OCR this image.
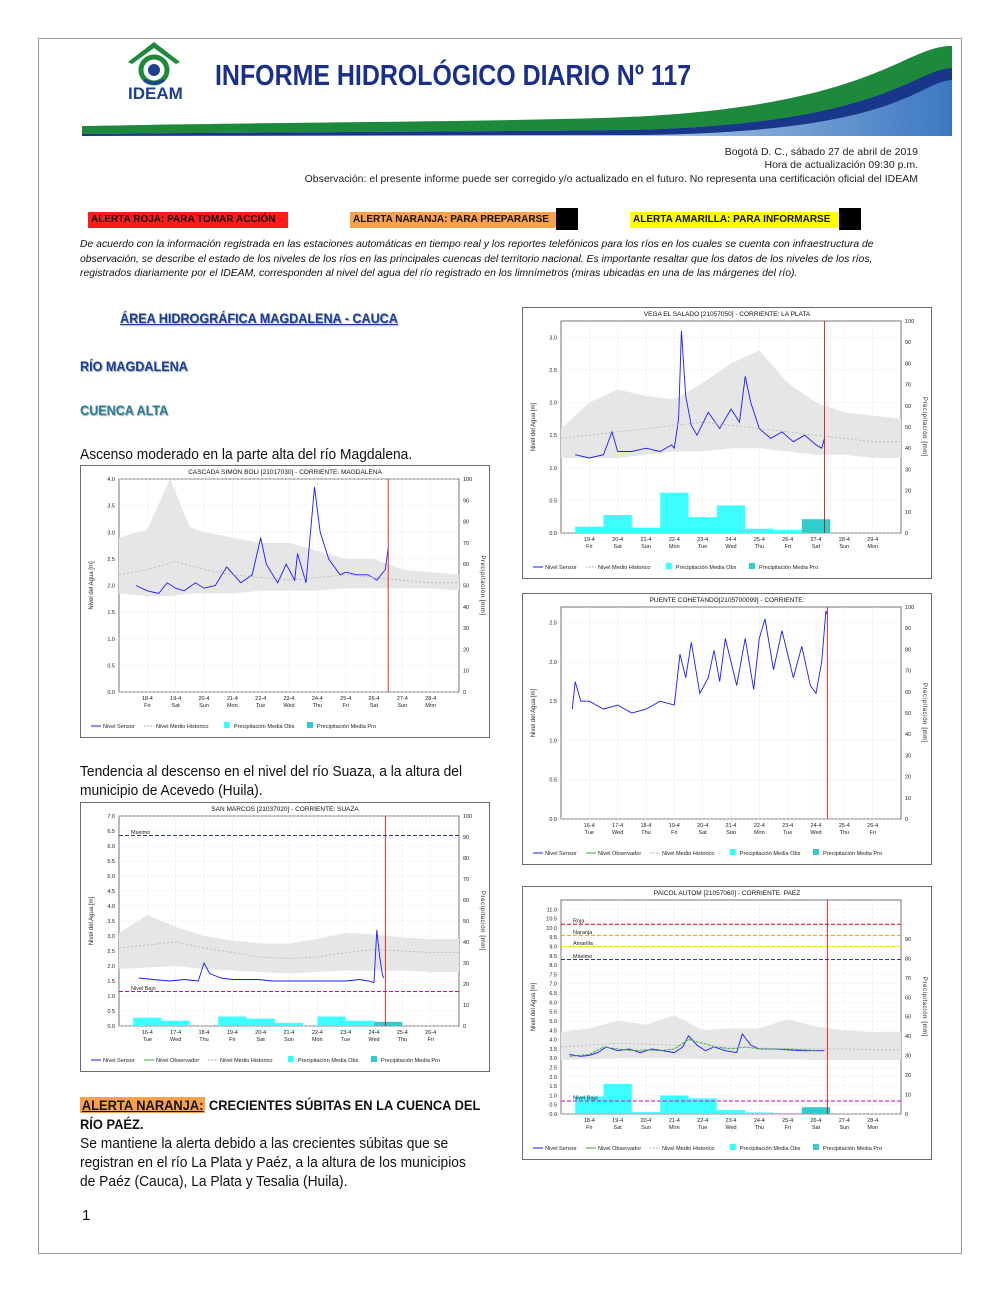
IDEAM
INFORME HIDROLÓGICO DIARIO Nº 117
Bogotá D. C., sábado 27 de abril de 2019
Hora de actualización 09:30 p.m.
Observación: el presente informe puede ser corregido y/o actualizado en el futuro. No representa una certificación oficial del IDEAM
ALERTA ROJA: PARA TOMAR ACCIÓN	ALERTA NARANJA: PARA PREPARARSE	ALERTA AMARILLA: PARA INFORMARSE
De acuerdo con la información registrada en las estaciones automáticas en tiempo real y los reportes telefónicos para los ríos en los cuales se cuenta con infraestructura de observación, se describe el estado de los niveles de los ríos en las principales cuencas del territorio nacional. Es importante resaltar que los datos de los niveles de los ríos, registrados diariamente por el IDEAM, corresponden al nivel del agua del río registrado en los limnímetros (miras ubicadas en una de las márgenes del río).
ÁREA HIDROGRÁFICA MAGDALENA - CAUCA
RÍO MAGDALENA
CUENCA ALTA
Ascenso moderado en la parte alta del río Magdalena.
CASCADA SIMON BOLI [21017030] - CORRIENTE: MAGDALENA
0.0
0.5
1.0
1.5
2.0
2.5
3.0
3.5
4.0
0
10
20
30
40
50
60
70
80
90
100
18-4
Fri
19-4
Sat
20-4
Sun
21-4
Mon
22-4
Tue
23-4
Wed
24-4
Thu
25-4
Fri
26-4
Sat
27-4
Sun
28-4
Mon
Nivel del Agua [m]	Precipitación [mm]
Nivel Sensor	Nivel Medio Historico	Precipitación Media Obs	Precipitación Media Pro
Tendencia al descenso en el nivel del río Suaza, a la altura del municipio de Acevedo (Huila).
SAN MARCOS [21037020] - CORRIENTE: SUAZA
0.0
0.5
1.0
1.5
2.0
2.5
3.0
3.5
4.0
4.5
5.0
5.5
6.0
6.5
7.0
0
10
20
30
40
50
60
70
80
90
100
16-4
Tue
17-4
Wed
18-4
Thu
19-4
Fri
20-4
Sat
21-4
Sun
22-4
Mon
23-4
Tue
24-4
Wed
25-4
Thu
26-4
Fri
Nivel del Agua [m]	Precipitación [mm]
Maximo
Nivel Bajo
Nivel Sensor	Nivel Observador	Nivel Medio Historico	Precipitación Media Obs	Precipitación Media Pro
ALERTA NARANJA: CRECIENTES SÚBITAS EN LA CUENCA DEL RÍO PAÉZ.
Se mantiene la alerta debido a las crecientes súbitas que se registran en el río La Plata y Paéz, a la altura de los municipios de Paéz (Cauca), La Plata y Tesalia (Huila).
VEGA EL SALADO [21057050] - CORRIENTE: LA PLATA
0.0
0.5
1.0
1.5
2.0
2.5
3.0
0
10
20
30
40
50
60
70
80
90
100
19-4
Fri
20-4
Sat
21-4
Sun
22-4
Mon
23-4
Tue
24-4
Wed
25-4
Thu
26-4
Fri
27-4
Sat
28-4
Sun
29-4
Mon
Nivel del Agua [m]	Precipitación [mm]
Nivel Sensor	Nivel Medio Historico	Precipitación Media Obs	Precipitación Media Pro
PUENTE COHETANDO[2105700099] - CORRIENTE:
0.0
0.5
1.0
1.5
2.0
2.5
0
10
20
30
40
50
60
70
80
90
100
16-4
Tue
17-4
Wed
18-4
Thu
19-4
Fri
20-4
Sat
21-4
Sun
22-4
Mon
23-4
Tue
24-4
Wed
25-4
Thu
26-4
Fri
Nivel del Agua [m]	Precipitación [mm]
Nivel Sensor	Nivel Observador	Nivel Medio Historico	Precipitación Media Obs	Precipitación Media Pro
PAICOL AUTOM [21057060] - CORRIENTE: PAEZ
0.0
0.5
1.0
1.5
2.0
2.5
3.0
3.5
4.0
4.5
5.0
5.5
6.0
6.5
7.0
7.5
8.0
8.5
9.0
9.5
10.0
10.5
11.0
0
10
20
30
40
50
60
70
80
90
18-4
Fri
19-4
Sat
20-4
Sun
21-4
Mon
22-4
Tue
23-4
Wed
24-4
Thu
25-4
Fri
26-4
Sat
27-4
Sun
28-4
Mon
Nivel del Agua [m]	Precipitación [mm]
Roja
Naranja
Amarilla
Máximo
Nivel Bajo
Nivel Sensor	Nivel Observador	Nivel Medio Historico	Precipitación Media Obs	Precipitación Media Pro
1
